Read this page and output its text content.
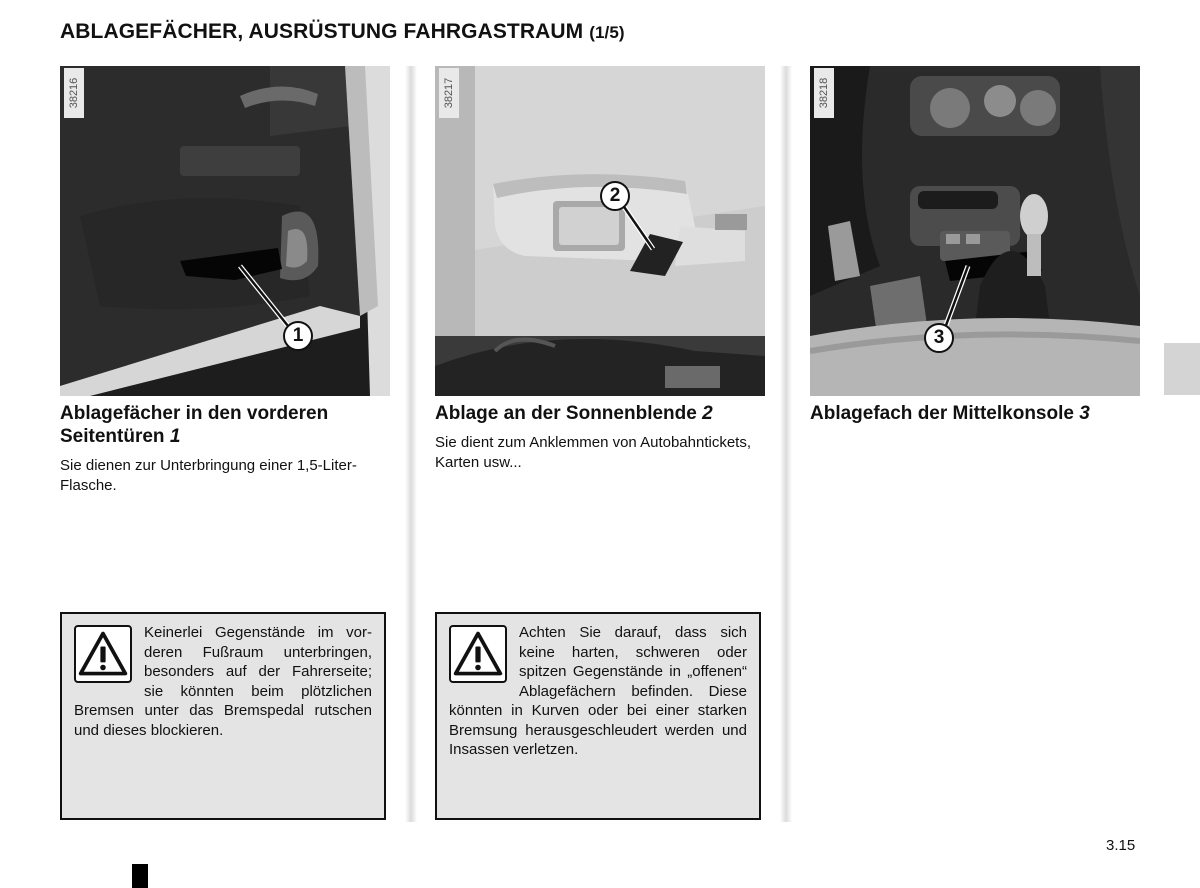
ABLAGEFÄCHER, AUSRÜSTUNG FAHRGASTRAUM (1/5)
38216
1
Ablagefächer in den vorderen Seitentüren 1
Sie dienen zur Unterbringung einer 1,5-Liter-Flasche.
Keinerlei Gegenstände im vorderen Fußraum unterbringen, besonders auf der Fahrerseite; sie könnten beim plötzlichen Bremsen unter das Bremspedal rutschen und dieses blockieren.
38217
2
Ablage an der Sonnenblende 2
Sie dient zum Anklemmen von Autobahntickets, Karten usw...
Achten Sie darauf, dass sich keine harten, schweren oder spitzen Gegenstände in „offenen“ Ablagefächern befinden. Diese könnten in Kurven oder bei einer starken Bremsung herausgeschleudert werden und Insassen verletzen.
38218
3
Ablagefach der Mittelkonsole 3
3.15
